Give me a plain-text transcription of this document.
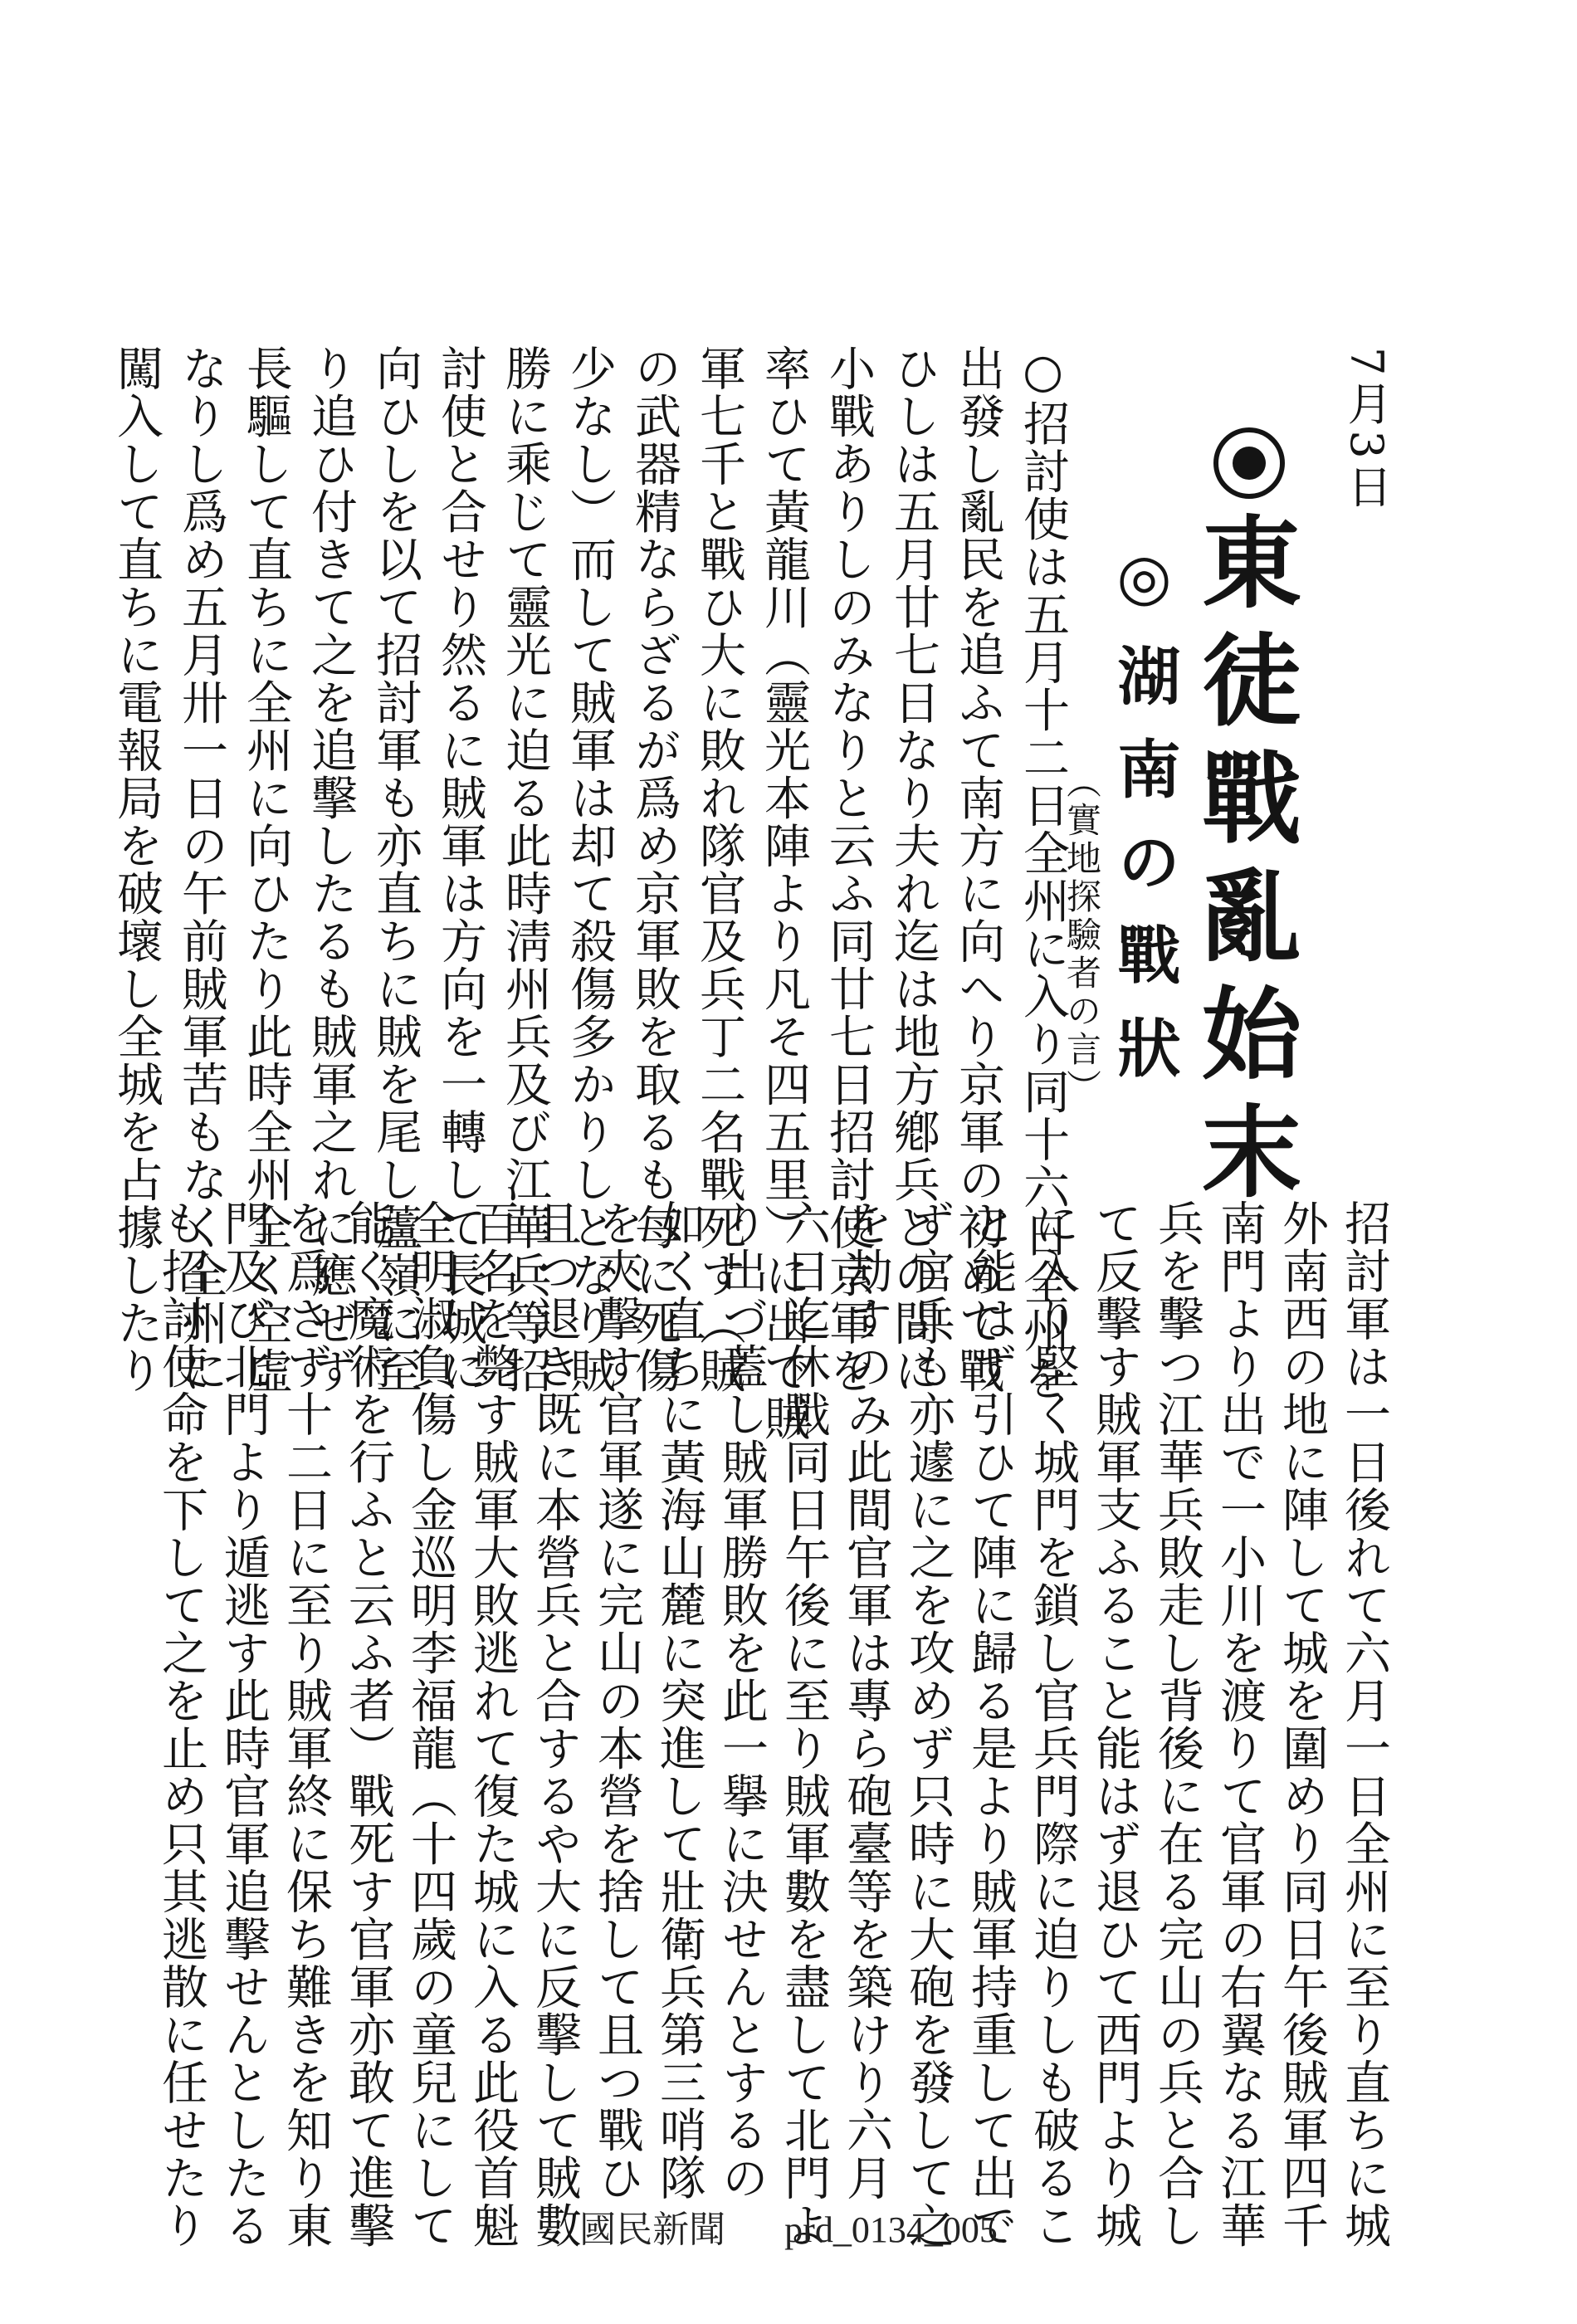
7月3日
東徒戰亂始末
◎湖南の戰狀
（實地探驗者の言）
○招討使は五月十二日全州に入り同十六日全州を
出發し亂民を追ふて南方に向へり京軍の初めて戰
ひしは五月廿七日なり夫れ迄は地方鄕兵との間に
小戰ありしのみなりと云ふ同廿七日招討使京軍を
率ひて黃龍川（靈光本陣より凡そ四五里）に出で賊
軍七千と戰ひ大に敗れ隊官及兵丁二名戰死す（賊
の武器精ならざるが爲め京軍敗を取るも每に死傷
少なし）而して賊軍は却て殺傷多かりしとなり賊
勝に乘じて靈光に迫る此時淸州兵及び江華兵等招
討使と合せり然るに賊軍は方向を一轉して長城に
向ひしを以て招討軍も亦直ちに賊を尾し蘆嶺に至
り追ひ付きて之を追擊したるも賊軍之れに應ぜず
長驅して直ちに全州に向ひたり此時全州全く空虛
なりし爲め五月卅一日の午前賊軍苦もなく全州に
闖入して直ちに電報局を破壞し全城を占據したり
招討軍は一日後れて六月一日全州に至り直ちに城
外南西の地に陣して城を圍めり同日午後賊軍四千
南門より出で一小川を渡りて官軍の右翼なる江華
兵を擊つ江華兵敗走し背後に在る完山の兵と合し
て反擊す賊軍支ふること能はず退ひて西門より城
に入り堅く城門を鎖し官兵門際に迫りしも破るこ
と能はず引ひて陣に歸る是より賊軍持重して出で
ず官兵も亦遽に之を攻めず只時に大砲を發して之
を劫すのみ此間官軍は專ら砲臺等を築けり六月
六日迄休戰同日午後に至り賊軍數を盡して北門よ
り出づ蓋し賊軍勝敗を此一擧に決せんとするの
如く直ちに黃海山麓に突進して壯衛兵第三哨隊
を夾擊す官軍遂に完山の本營を捨して且つ戰ひ
且つ退き既に本營兵と合するや大に反擊して賊數
百名を斃す賊軍大敗逃れて復た城に入る此役首魁
全明淑負傷し金巡明李福龍（十四歲の童兒にして
能く魔術を行ふと云ふ者）戰死す官軍亦敢て進擊
を爲さず十二日に至り賊軍終に保ち難きを知り東
門及び北門より遁逃す此時官軍追擊せんとしたる
も招討使命を下して之を止め只其逃散に任せたり	國民新聞 prd_0134_005
